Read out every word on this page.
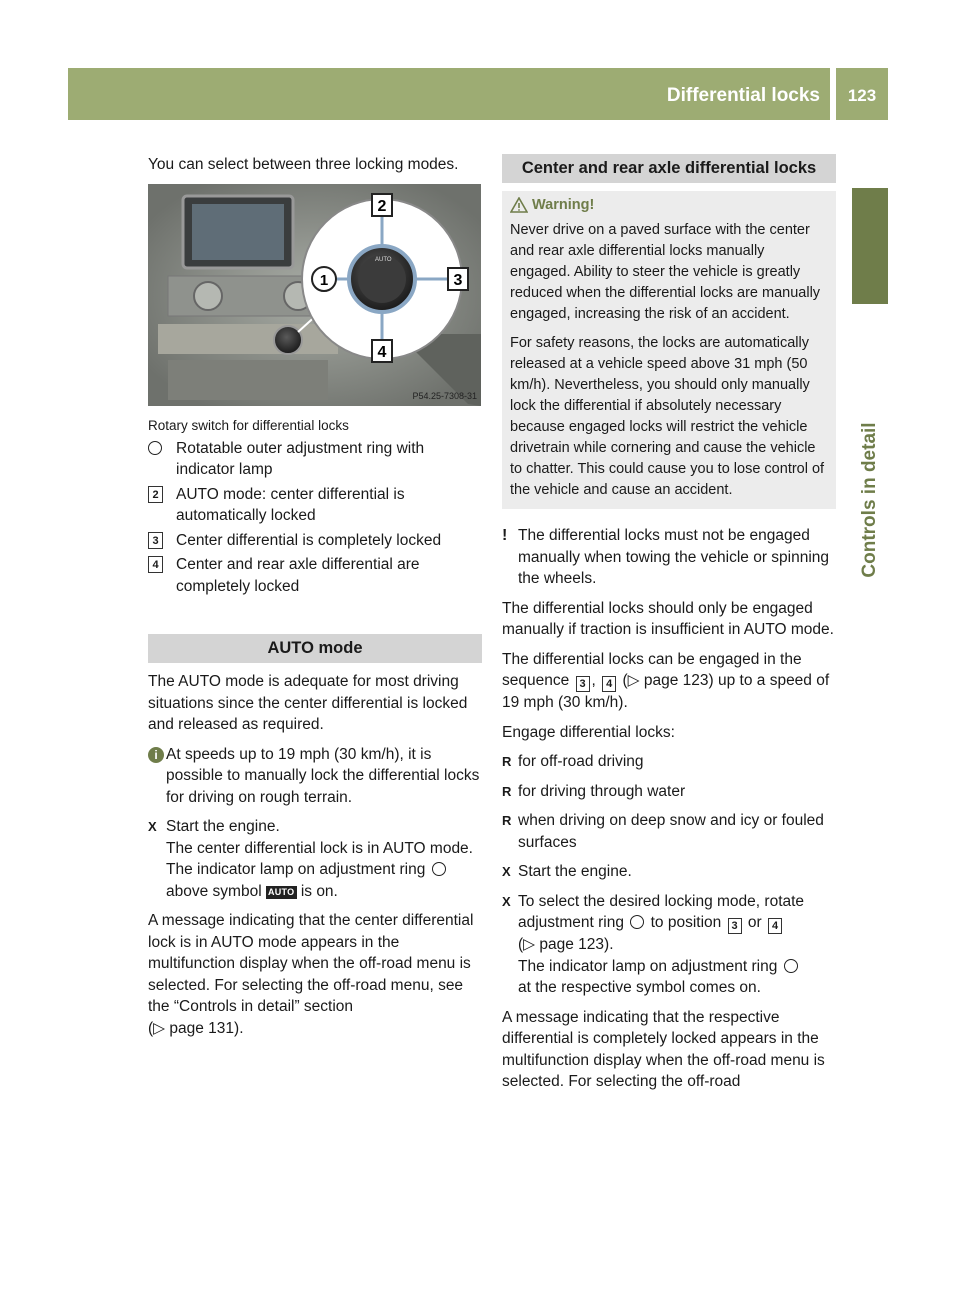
Differential locks	123
Controls in detail

You can select between three locking modes.

AUTO
1
2
3
4
P54.25-7308-31
Rotary switch for differential locks
Rotatable outer adjustment ring with indicator lamp
2 AUTO mode: center differential is automatically locked
3 Center differential is completely locked
4 Center and rear axle differential are completely locked
AUTO mode

The AUTO mode is adequate for most driving situations since the center differential is locked and released as required.

i At speeds up to 19 mph (30 km/h), it is possible to manually lock the differential locks for driving on rough terrain.
X Start the engine.
The center differential lock is in AUTO mode. The indicator lamp on adjustment ring  above symbol AUTO is on.

A message indicating that the center differential lock is in AUTO mode appears in the multifunction display when the off-road menu is selected. For selecting the off-road menu, see the “Controls in detail” section
(▷ page 131).

Center and rear axle differential locks
Warning!

Never drive on a paved surface with the center and rear axle differential locks manually engaged. Ability to steer the vehicle is greatly reduced when the differential locks are manually engaged, increasing the risk of an accident.

For safety reasons, the locks are automatically released at a vehicle speed above 31 mph (50 km/h). Nevertheless, you should only manually lock the differential if absolutely necessary because engaged locks will restrict the vehicle drivetrain while cornering and cause the vehicle to chatter. This could cause you to lose control of the vehicle and cause an accident.

! The differential locks must not be engaged manually when towing the vehicle or spinning the wheels.

The differential locks should only be engaged manually if traction is insufficient in AUTO mode.

The differential locks can be engaged in the sequence 3 , 4 (▷ page 123) up to a speed of 19 mph (30 km/h).

Engage differential locks:

R for off-road driving
R for driving through water
R when driving on deep snow and icy or fouled surfaces
X Start the engine.
X To select the desired locking mode, rotate adjustment ring to position 3 or 4
(▷ page 123).
The indicator lamp on adjustment ring
at the respective symbol comes on.

A message indicating that the respective differential is completely locked appears in the multifunction display when the off-road menu is selected. For selecting the off-road
